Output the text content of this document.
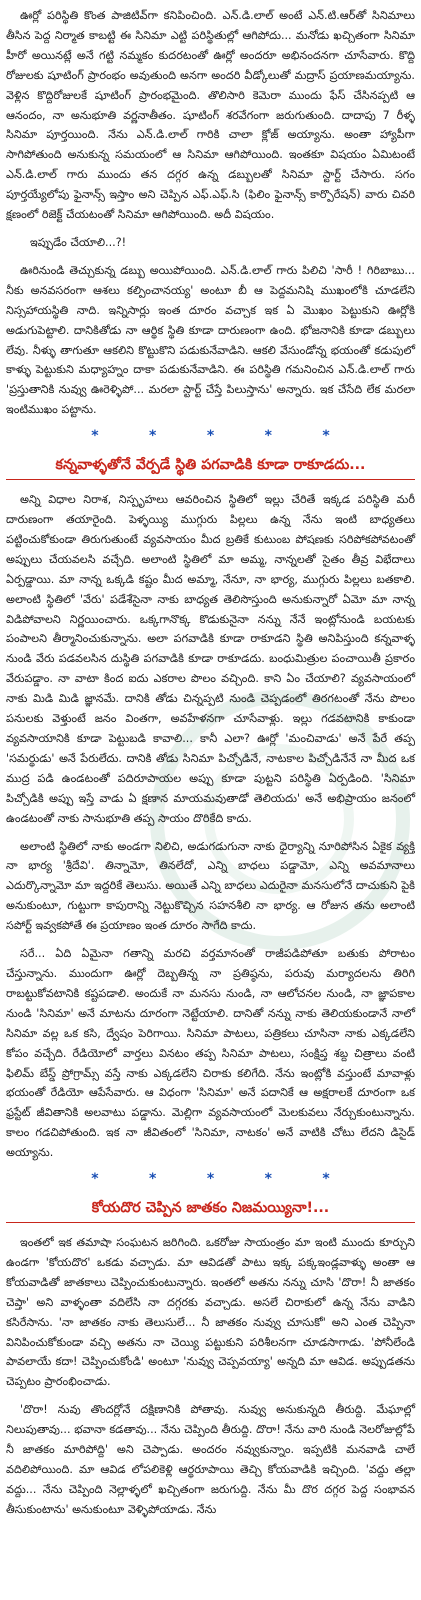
ఊర్లో పరిస్థితి కొంత పాజిటివ్‌గా కనిపించింది. ఎన్.డి.లాల్ అంటే ఎన్.టి.ఆర్‌తో సినిమాలు తీసిన పెద్ద నిర్మాత కాబట్టి ఈ సినిమా ఎట్టి పరిస్థితుల్లో ఆగిపోదు... మనోడు ఖచ్చితంగా సినిమా హీరో అయినట్లే అనే గట్టి నమ్మకం కుదరటంతో ఊర్లో అందరూ అభినందనగా చూసేవారు. కొద్ది రోజులకు షూటింగ్ ప్రారంభం అవుతుంది అనగా అందరి వీడ్కోలుతో మద్రాస్ ప్రయాణమయ్యాను. వెళ్లిన కొద్దిరోజులకే షూటింగ్ ప్రారంభమైంది. తొలిసారి కెమెరా ముందు ఫేస్ చేసినప్పటి ఆ ఆనందం, నా అనుభూతి వర్ణనాతీతం. షూటింగ్ శరవేగంగా జరుగుతుంది. దాదాపు 7 రీళ్ళ సినిమా పూర్తయింది. నేను ఎన్.డి.లాల్ గారికి చాలా క్లోజ్ అయ్యాను. అంతా హ్యాపీగా సాగిపోతుంది అనుకున్న సమయంలో ఆ సినిమా ఆగిపోయింది. ఇంతకూ విషయం ఏమిటంటే ఎన్.డి.లాల్ గారు ముందు తన దగ్గర ఉన్న డబ్బులతో సినిమా స్టార్ట్ చేసారు. సగం పూర్తయ్యేలోపు ఫైనాన్స్ ఇస్తాం అని చెప్పిన ఎఫ్.ఎఫ్.సి (ఫిలిం ఫైనాన్స్ కార్పొరేషన్) వారు చివరి క్షణంలో రిజెక్ట్ చేయటంతో సినిమా ఆగిపోయింది. అదీ విషయం.

ఇప్పుడేం చేయాలి...?!

ఊరినుండి తెచ్చుకున్న డబ్బు అయిపోయింది. ఎన్.డి.లాల్ గారు పిలిచి 'సారీ ! గిరిబాబు... నీకు అనవసరంగా ఆశలు కల్పించానయ్య' అంటూ బీ ఆ పెద్దమనిషి ముఖంలోకి చూడలేని నిస్సహాయస్థితి నాది. ఇన్నిసార్లు ఇంత దూరం వచ్చాక ఇక ఏ మొఖం పెట్టుకుని ఊర్లోకి అడుగుపెట్టాలి. దానికితోడు నా ఆర్థిక స్థితి కూడా దారుణంగా ఉంది. భోజనానికి కూడా డబ్బులు లేవు. నీళ్ళు తాగుతూ ఆకలిని కొట్టుకొని పడుకునేవాడిని. ఆకలి వేసుండోన్న భయంతో కడుపులో కాళ్ళు పెట్టుకుని మధ్యాహ్నం దాకా పడుకునేవాడిని. ఈ పరిస్థితి గమనించిన ఎన్.డి.లాల్ గారు 'ప్రస్తుతానికి నువ్వు ఊరెళ్ళిపో... మరలా స్టార్ట్ చేస్తే పిలుస్తాను' అన్నారు. ఇక చేసేది లేక మరలా ఇంటిముఖం పట్టాను.

*	*	*	*	*
కన్నవాళ్ళతోనే వేర్పడే స్థితి పగవాడికి కూడా రాకూడదు...

అన్ని విధాల నిరాశ, నిస్పృహలు ఆవరించిన స్థితిలో ఇల్లు చేరితే ఇక్కడ పరిస్థితి మరీ దారుణంగా తయారైంది. పెళ్ళయ్యి ముగ్గురు పిల్లలు ఉన్న నేను ఇంటి బాధ్యతలు పట్టించుకోకుండా తిరుగుతుంటే వ్యవసాయం మీద బ్రతికే కుటుంబ పోషణకు సరిపోకపోవటంతో అప్పులు చేయవలసి వచ్చేది. అలాంటి స్థితిలో మా అమ్మ, నాన్నలతో సైతం తీవ్ర విభేదాలు ఏర్పడ్డాయి. మా నాన్న ఒక్కడి కష్టం మీద అమ్మా, నేనూ, నా భార్య, ముగ్గురు పిల్లలు బతకాలి. అలాంటి స్థితిలో 'వేరు' పడేశేసైనా నాకు బాధ్యత తెలిసొస్తుంది అనుకున్నారో ఏమో మా నాన్న విడిపోవాలని నిర్ణయించారు. ఒక్కగానొక్క కొడుకునైనా నన్ను నేనే ఇంట్లోనుండి బయటకు పంపాలని తీర్మానించుకున్నాను. అలా పగవాడికి కూడా రాకూడని స్థితి అనిపిస్తుంది కన్నవాళ్ళ నుండి వేరు పడవలసిన దుస్థితి పగవాడికి కూడా రాకూడదు. బంధుమిత్రుల పంచాయితీ ప్రకారం వేరుపడ్డాం. నా వాటా కింద ఐదు ఎకరాల పొలం వచ్చింది. కాని ఏం చేయాలి? వ్యవసాయంలో నాకు మిడి మిడి జ్ఞానమే. దానికి తోడు చిన్నప్పటి నుండి చెప్పడంలో తిరగటంతో నేను పొలం పనులకు వెళ్తుంటే జనం వింతగా, అవహేళనగా చూసేవాళ్లు. ఇల్లు గడవటానికి కాకుండా వ్యవసాయానికి కూడా పెట్టుబడి కావాలి... కానీ ఎలా? ఊర్లో 'మంచివాడు' అనే పేరే తప్ప 'సమర్థుడు' అనే పేరులేదు. దానికి తోడు సినిమా పిచ్చోడినే, నాటకాల పిచ్చోడినేనే నా మీద ఒక ముద్ర పడి ఉండటంతో పదిరూపాయల అప్పు కూడా పుట్టని పరిస్థితి ఏర్పడింది. 'సినిమా పిచ్చోడికి అప్పు ఇస్తే వాడు ఏ క్షణాన మాయమవుతాడో తెలియదు' అనే అభిప్రాయం జనంలో ఉండటంతో నాకు సానుభూతి తప్ప సాయం దొరికేది కాదు.

అలాంటి స్థితిలో నాకు అండగా నిలిచి, అడుగడుగునా నాకు ధైర్యాన్ని నూరిపోసిన ఏకైక వ్యక్తి నా భార్య 'శ్రీదేవి'. తిన్నామో, తినలేదో, ఎన్ని బాధలు పడ్డామో, ఎన్ని అవమానాలు ఎదుర్కొన్నామో మా ఇద్దరికే తెలుసు. అయితే ఎన్ని బాధలు ఎదురైనా మనసులోనే దాచుకుని పైకి అనుకుంటూ, గుట్టుగా కాపురాన్ని నెట్టుకొచ్చిన సహనశీలి నా భార్య. ఆ రోజున తను అలాంటి సపోర్ట్ ఇవ్వకపోతే ఈ ప్రయాణం ఇంత దూరం సాగేది కాదు.

సరే... ఏది ఏమైనా గతాన్ని మరచి వర్తమానంతో రాజీపడిపోతూ బతుకు పోరాటం చేస్తున్నాను. ముందుగా ఊర్లో దెబ్బతిన్న నా ప్రతిష్ఠను, పరువు మర్యాదలను తిరిగి రాబట్టుకోవటానికి కష్టపడాలి. అందుకే నా మనసు నుండి, నా ఆలోచనల నుండి, నా జ్ఞాపకాల నుండి 'సినిమా' అనే మాటను దూరంగా నెట్టేయాలి. దానితో నన్ను నాకు తెలియకుండానే నాలో సినిమా వల్ల ఒక కసి, ద్వేషం పెరిగాయి. సినిమా పాటలు, పత్రికలు చూసినా నాకు ఎక్కడలేని కోపం వచ్చేది. రేడియోలో వార్తలు వినటం తప్ప సినిమా పాటలు, సంక్షిప్త శబ్ద చిత్రాలు వంటి ఫిలిమ్ బేస్డ్ ప్రోగ్రామ్స్ వస్తే నాకు ఎక్కడలేని చిరాకు కలిగేది. నేను ఇంట్లోకి వస్తుంటే మావాళ్లు భయంతో రేడియో ఆపేసేవారు. ఆ విధంగా 'సినిమా' అనే పదానికే ఆ అక్షరాలకే దూరంగా ఒక ఫ్రస్టేట్ జీవితానికి అలవాటు పడ్డాను. మెల్లిగా వ్యవసాయంలో మెలకువలు నేర్చుకుంటున్నాను. కాలం గడచిపోతుంది. ఇక నా జీవితంలో 'సినిమా, నాటకం' అనే వాటికి చోటు లేదని డిసైడ్ అయ్యాను.

*	*	*	*	*
కోయదొర చెప్పిన జాతకం నిజమయ్యినా!...

ఇంతలో ఇక తమాషా సంఘటన జరిగింది. ఒకరోజు సాయంత్రం మా ఇంటి ముందు కూర్చుని ఉండగా 'కోయదొర' ఒకడు వచ్చాడు. మా ఆవిడతో పాటు ఇక్క పక్కఇండ్లవాళ్ళు అంతా ఆ కోయవాడితో జాతకాలు చెప్పించుకుంటున్నారు. ఇంతలో అతను నన్ను చూసి 'దొరా! నీ జాతకం చెప్తా' అని వాళ్ళంతా వదిలేసి నా దగ్గరకు వచ్చాడు. అసలే చిరాకులో ఉన్న నేను వాడిని కసిరేసాను. 'నా జాతకం నాకు తెలుసులే... నీ జాతకం నువ్వు చూసుకో' అని ఎంత చెప్పినా వినిపించుకోకుండా వచ్చి అతను నా చెయ్యి పట్టుకుని పరిశీలనగా చూడసాగాడు. 'పోనీలేండి పావలాయే కదా! చెప్పించుకోండి' అంటూ 'నువ్వు చెప్పవయ్యా' అన్నది మా ఆవిడ. అప్పుడతను చెప్పటం ప్రారంభించాడు.

'దొరా! నువు తొందర్లోనే దక్షిణానికి పోతావు. నువ్వు అనుకున్నది తీరుద్ది. మేఘాల్లో నిలుపుతావు... భవానా కడతావు... నేను చెప్పింది తీరుద్ది. దొరా! నేను వారి నుండి నెలరోజుల్లోపే నీ జాతకం మారిపోద్ది' అని చెప్పాడు. అందరం నవ్వుకున్నాం. ఇప్పటికి మనవాడి చాలే వదిలిపోయింది. మా ఆవిడ లోపలికెళ్లి ఆర్థరూపాయి తెచ్చి కోయవాడికి ఇచ్చింది. 'వద్దు తల్లా వద్దు... నేను చెప్పింది నెల్లాళ్ళలో ఖచ్చితంగా జరుగుద్ది. నేను మీ దొర దగ్గర పెద్ద సంభావన తీసుకుంటాను' అనుకుంటూ వెళ్ళిపోయాడు. నేను
